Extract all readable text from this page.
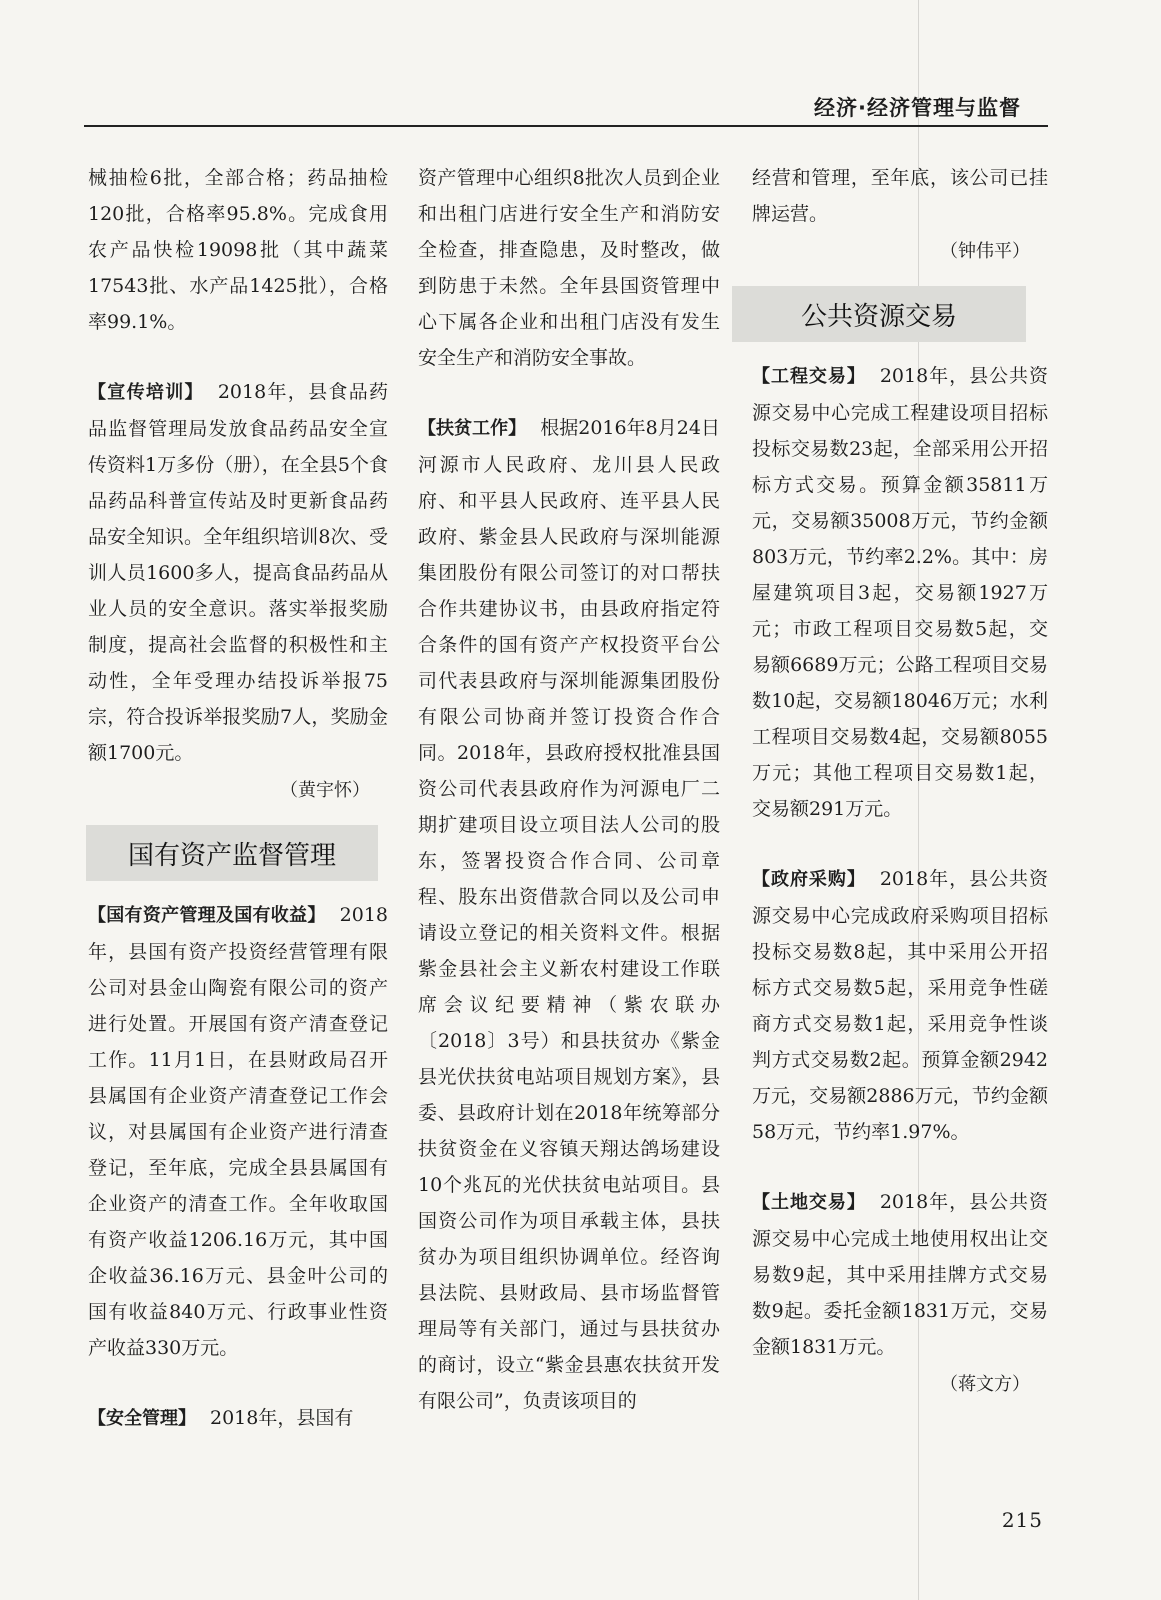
经济·经济管理与监督

械抽检6批，全部合格；药品抽检120批，合格率95.8%。完成食用农产品快检19098批（其中蔬菜17543批、水产品1425批），合格率99.1%。

【宣传培训】 2018年，县食品药品监督管理局发放食品药品安全宣传资料1万多份（册），在全县5个食品药品科普宣传站及时更新食品药品安全知识。全年组织培训8次、受训人员1600多人，提高食品药品从业人员的安全意识。落实举报奖励制度，提高社会监督的积极性和主动性，全年受理办结投诉举报75宗，符合投诉举报奖励7人，奖励金额1700元。

（黄宇怀）
国有资产监督管理

【国有资产管理及国有收益】 2018年，县国有资产投资经营管理有限公司对县金山陶瓷有限公司的资产进行处置。开展国有资产清查登记工作。11月1日，在县财政局召开县属国有企业资产清查登记工作会议，对县属国有企业资产进行清查登记，至年底，完成全县县属国有企业资产的清查工作。全年收取国有资产收益1206.16万元，其中国企收益36.16万元、县金叶公司的国有收益840万元、行政事业性资产收益330万元。

【安全管理】 2018年，县国有

资产管理中心组织8批次人员到企业和出租门店进行安全生产和消防安全检查，排查隐患，及时整改，做到防患于未然。全年县国资管理中心下属各企业和出租门店没有发生安全生产和消防安全事故。

【扶贫工作】 根据2016年8月24日河源市人民政府、龙川县人民政府、和平县人民政府、连平县人民政府、紫金县人民政府与深圳能源集团股份有限公司签订的对口帮扶合作共建协议书，由县政府指定符合条件的国有资产产权投资平台公司代表县政府与深圳能源集团股份有限公司协商并签订投资合作合同。2018年，县政府授权批准县国资公司代表县政府作为河源电厂二期扩建项目设立项目法人公司的股东，签署投资合作合同、公司章程、股东出资借款合同以及公司申请设立登记的相关资料文件。根据紫金县社会主义新农村建设工作联席会议纪要精神（紫农联办〔2018〕3号）和县扶贫办《紫金县光伏扶贫电站项目规划方案》，县委、县政府计划在2018年统筹部分扶贫资金在义容镇天翔达鸽场建设10个兆瓦的光伏扶贫电站项目。县国资公司作为项目承载主体，县扶贫办为项目组织协调单位。经咨询县法院、县财政局、县市场监督管理局等有关部门，通过与县扶贫办的商讨，设立“紫金县惠农扶贫开发有限公司”，负责该项目的

经营和管理，至年底，该公司已挂牌运营。

（钟伟平）
公共资源交易

【工程交易】 2018年，县公共资源交易中心完成工程建设项目招标投标交易数23起，全部采用公开招标方式交易。预算金额35811万元，交易额35008万元，节约金额803万元，节约率2.2%。其中：房屋建筑项目3起，交易额1927万元；市政工程项目交易数5起，交易额6689万元；公路工程项目交易数10起，交易额18046万元；水利工程项目交易数4起，交易额8055万元；其他工程项目交易数1起，交易额291万元。

【政府采购】 2018年，县公共资源交易中心完成政府采购项目招标投标交易数8起，其中采用公开招标方式交易数5起，采用竞争性磋商方式交易数1起，采用竞争性谈判方式交易数2起。预算金额2942万元，交易额2886万元，节约金额58万元，节约率1.97%。

【土地交易】 2018年，县公共资源交易中心完成土地使用权出让交易数9起，其中采用挂牌方式交易数9起。委托金额1831万元，交易金额1831万元。

（蒋文方）
215
